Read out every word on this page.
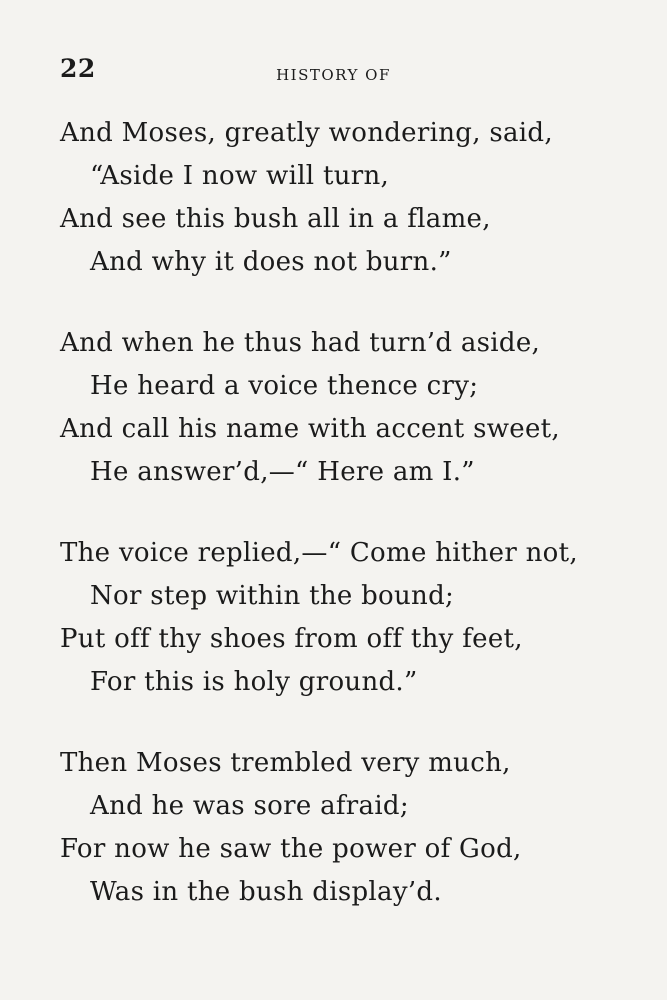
22	HISTORY OF
And Moses, greatly wondering, said,
“Aside I now will turn,
And see this bush all in a flame,
And why it does not burn.”
And when he thus had turn’d aside,
He heard a voice thence cry;
And call his name with accent sweet,
He answer’d,—“ Here am I.”
The voice replied,—“ Come hither not,
Nor step within the bound;
Put off thy shoes from off thy feet,
For this is holy ground.”
Then Moses trembled very much,
And he was sore afraid;
For now he saw the power of God,
Was in the bush display’d.
